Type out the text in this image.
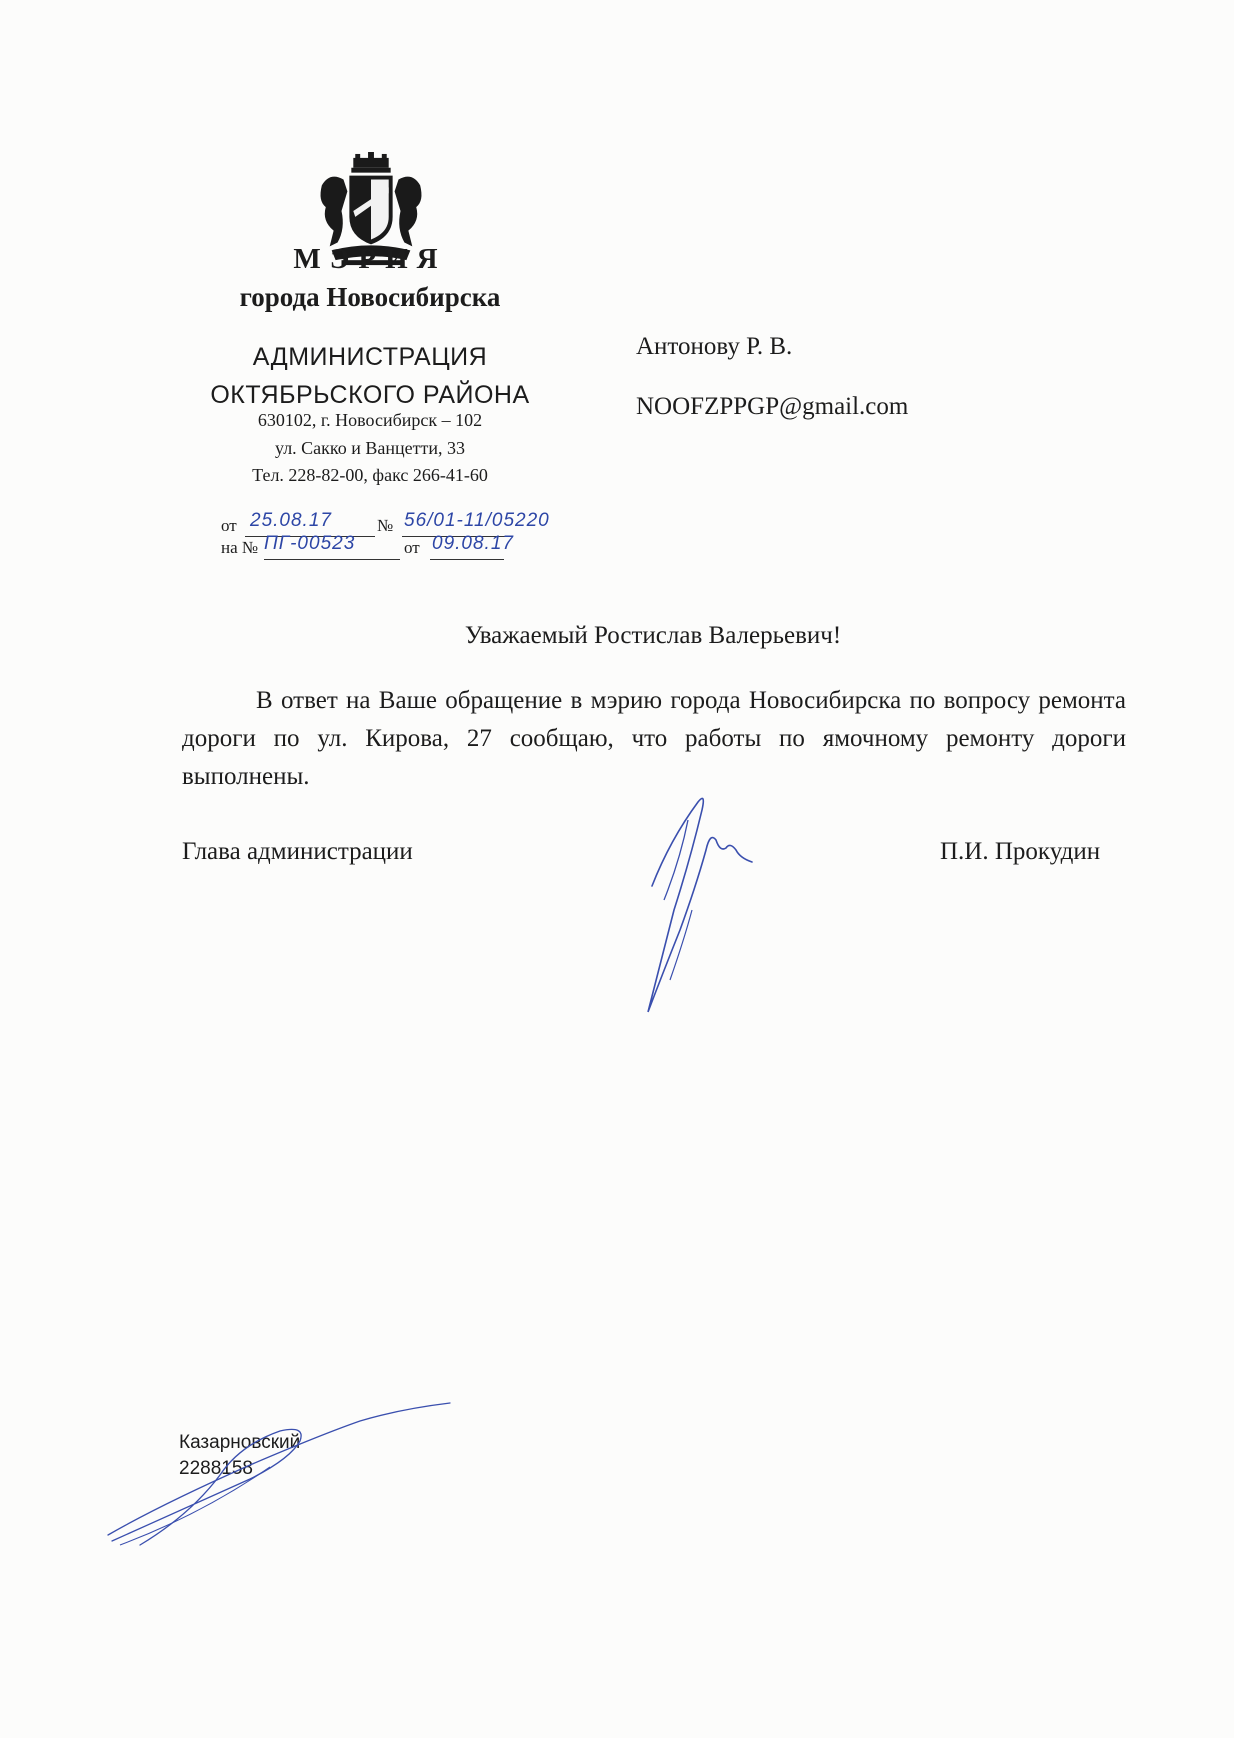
МЭРИЯ
города Новосибирска
АДМИНИСТРАЦИЯ
ОКТЯБРЬСКОГО РАЙОНА
630102, г. Новосибирск – 102
ул. Сакко и Ванцетти, 33
Тел. 228-82-00, факс 266-41-60
от 25.08.17	№ 56/01-11/05220
на № ПГ-00523	от 09.08.17
Антонову Р. В.
NOOFZPPGP@gmail.com
Уважаемый Ростислав Валерьевич!
В ответ на Ваше обращение в мэрию города Новосибирска по вопросу ремонта дороги по ул. Кирова, 27 сообщаю, что работы по ямочному ремонту дороги выполнены.
Глава администрации	П.И. Прокудин
Казарновский
2288158
